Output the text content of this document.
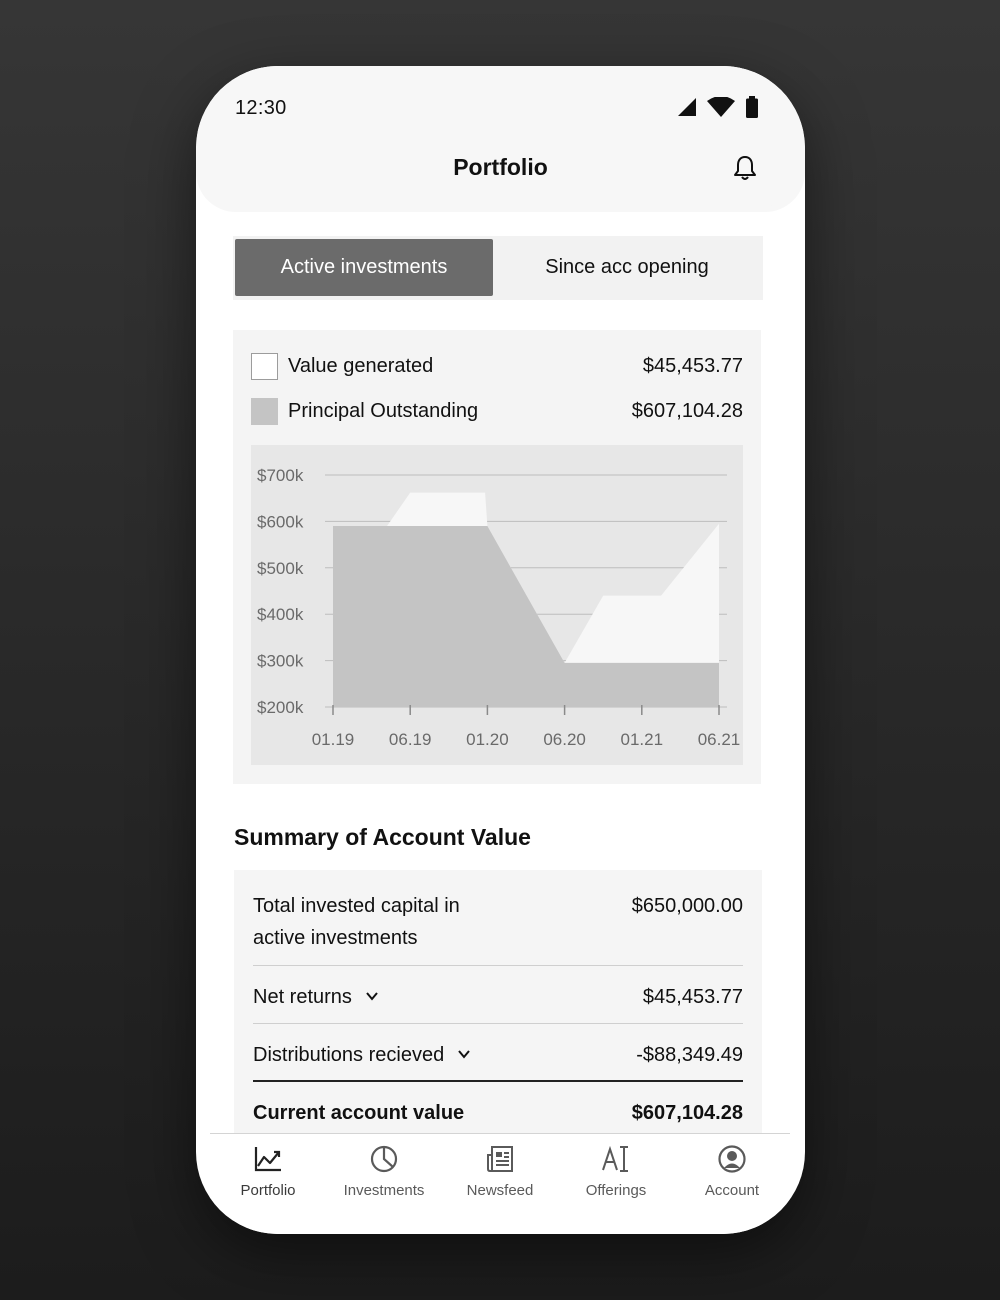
12:30
Portfolio
Active investments	Since acc opening
Value generated	$45,453.77
Principal Outstanding	$607,104.28
$700k
$600k
$500k
$400k
$300k
$200k
01.19 06.19 01.20 06.20 01.21 06.21
Summary of Account Value
Total invested capital in
active investments
$650,000.00
Net returns	$45,453.77
Distributions recieved	-$88,349.49
Current account value	$607,104.28
Portfolio	Investments	Newsfeed	Offerings	Account
